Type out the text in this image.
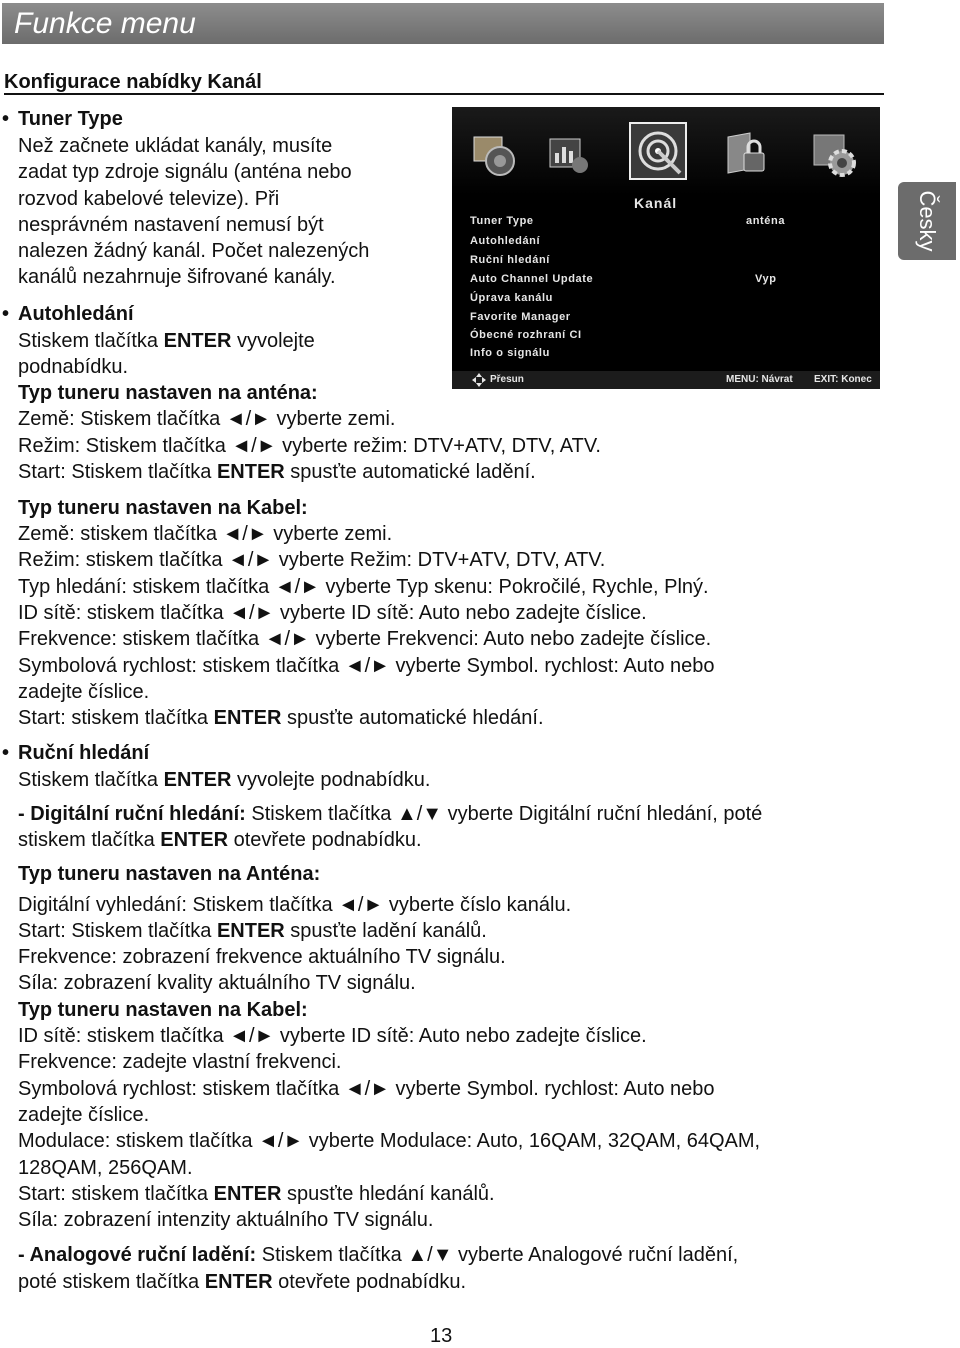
Funkce menu
Konfigurace nabídky Kanál
Česky
Kanál
Tuner Type	anténa
Autohledání
Ruční hledání
Auto Channel Update	Vyp
Úprava kanálu
Favorite Manager
Óbecné rozhraní CI
Info o signálu
Přesun	MENU: Návrat EXIT: Konec
• Tuner Type
Než začnete ukládat kanály, musíte
zadat typ zdroje signálu (anténa nebo
rozvod kabelové televize). Při
nesprávném nastavení nemusí být
nalezen žádný kanál. Počet nalezených
kanálů nezahrnuje šifrované kanály.
• Autohledání
Stiskem tlačítka ENTER vyvolejte
podnabídku.
Typ tuneru nastaven na anténa:
Země: Stiskem tlačítka ◄/► vyberte zemi.
Režim: Stiskem tlačítka ◄/► vyberte režim: DTV+ATV, DTV, ATV.
Start: Stiskem tlačítka ENTER spusťte automatické ladění.
Typ tuneru nastaven na Kabel:
Země: stiskem tlačítka ◄/► vyberte zemi.
Režim: stiskem tlačítka ◄/► vyberte Režim: DTV+ATV, DTV, ATV.
Typ hledání: stiskem tlačítka ◄/► vyberte Typ skenu: Pokročilé, Rychle, Plný.
ID sítě: stiskem tlačítka ◄/► vyberte ID sítě: Auto nebo zadejte číslice.
Frekvence: stiskem tlačítka ◄/► vyberte Frekvenci: Auto nebo zadejte číslice.
Symbolová rychlost: stiskem tlačítka ◄/► vyberte Symbol. rychlost: Auto nebo
zadejte číslice.
Start: stiskem tlačítka ENTER spusťte automatické hledání.
• Ruční hledání
Stiskem tlačítka ENTER vyvolejte podnabídku.
- Digitální ruční hledání: Stiskem tlačítka ▲/▼ vyberte Digitální ruční hledání, poté
stiskem tlačítka ENTER otevřete podnabídku.
Typ tuneru nastaven na Anténa:
Digitální vyhledání: Stiskem tlačítka ◄/► vyberte číslo kanálu.
Start: Stiskem tlačítka ENTER spusťte ladění kanálů.
Frekvence: zobrazení frekvence aktuálního TV signálu.
Síla: zobrazení kvality aktuálního TV signálu.
Typ tuneru nastaven na Kabel:
ID sítě: stiskem tlačítka ◄/► vyberte ID sítě: Auto nebo zadejte číslice.
Frekvence: zadejte vlastní frekvenci.
Symbolová rychlost: stiskem tlačítka ◄/► vyberte Symbol. rychlost: Auto nebo
zadejte číslice.
Modulace: stiskem tlačítka ◄/► vyberte Modulace: Auto, 16QAM, 32QAM, 64QAM,
128QAM, 256QAM.
Start: stiskem tlačítka ENTER spusťte hledání kanálů.
Síla: zobrazení intenzity aktuálního TV signálu.
- Analogové ruční ladění: Stiskem tlačítka ▲/▼ vyberte Analogové ruční ladění,
poté stiskem tlačítka ENTER otevřete podnabídku.
13
